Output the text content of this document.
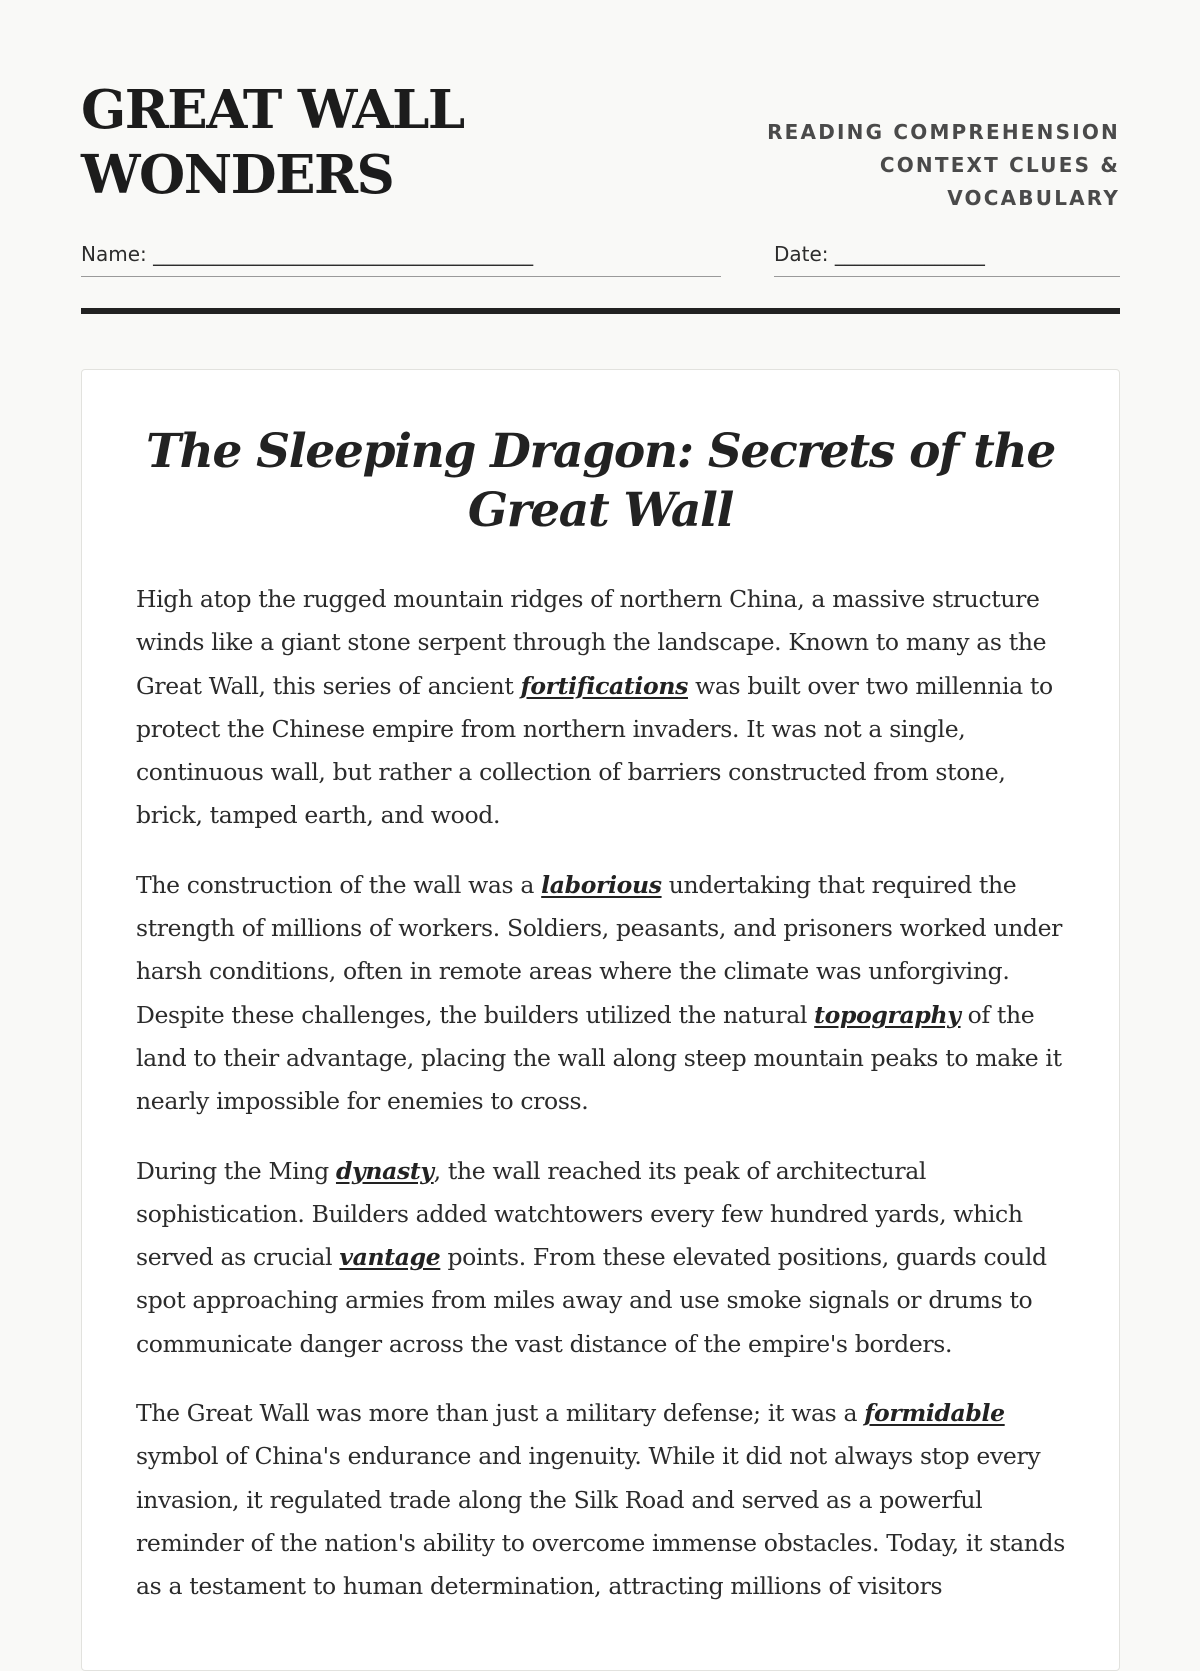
GREAT WALL
WONDERS
READING COMPREHENSION
CONTEXT CLUES &
VOCABULARY
Name: ______________________________________	Date: _______________
The Sleeping Dragon: Secrets of the Great Wall

High atop the rugged mountain ridges of northern China, a massive structure winds like a giant stone serpent through the landscape. Known to many as the Great Wall, this series of ancient fortifications was built over two millennia to protect the Chinese empire from northern invaders. It was not a single, continuous wall, but rather a collection of barriers constructed from stone, brick, tamped earth, and wood.

The construction of the wall was a laborious undertaking that required the strength of millions of workers. Soldiers, peasants, and prisoners worked under harsh conditions, often in remote areas where the climate was unforgiving. Despite these challenges, the builders utilized the natural topography of the land to their advantage, placing the wall along steep mountain peaks to make it nearly impossible for enemies to cross.

During the Ming dynasty, the wall reached its peak of architectural sophistication. Builders added watchtowers every few hundred yards, which served as crucial vantage points. From these elevated positions, guards could spot approaching armies from miles away and use smoke signals or drums to communicate danger across the vast distance of the empire's borders.

The Great Wall was more than just a military defense; it was a formidable symbol of China's endurance and ingenuity. While it did not always stop every invasion, it regulated trade along the Silk Road and served as a powerful reminder of the nation's ability to overcome immense obstacles. Today, it stands as a testament to human determination, attracting millions of visitors
